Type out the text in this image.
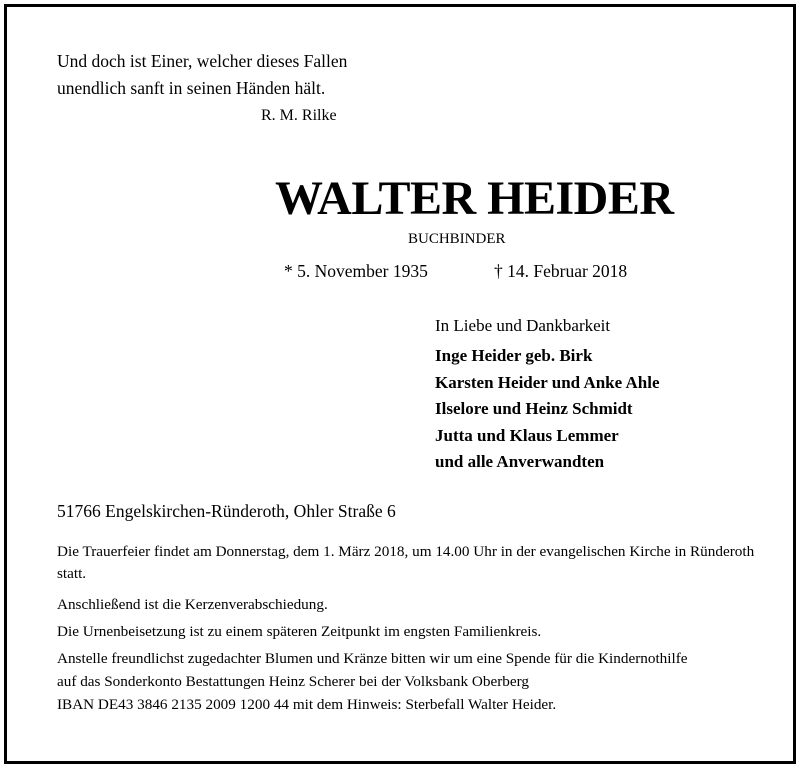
Und doch ist Einer, welcher dieses Fallen
unendlich sanft in seinen Händen hält.
R. M. Rilke
WALTER HEIDER
BUCHBINDER
* 5. November 1935	† 14. Februar 2018
In Liebe und Dankbarkeit
Inge Heider geb. Birk
Karsten Heider und Anke Ahle
Ilselore und Heinz Schmidt
Jutta und Klaus Lemmer
und alle Anverwandten
51766 Engelskirchen-Ründeroth, Ohler Straße 6
Die Trauerfeier findet am Donnerstag, dem 1. März 2018, um 14.00 Uhr in der evangelischen Kirche in Ründeroth statt.
Anschließend ist die Kerzenverabschiedung.
Die Urnenbeisetzung ist zu einem späteren Zeitpunkt im engsten Familienkreis.
Anstelle freundlichst zugedachter Blumen und Kränze bitten wir um eine Spende für die Kindernothilfe
auf das Sonderkonto Bestattungen Heinz Scherer bei der Volksbank Oberberg
IBAN DE43 3846 2135 2009 1200 44 mit dem Hinweis: Sterbefall Walter Heider.
